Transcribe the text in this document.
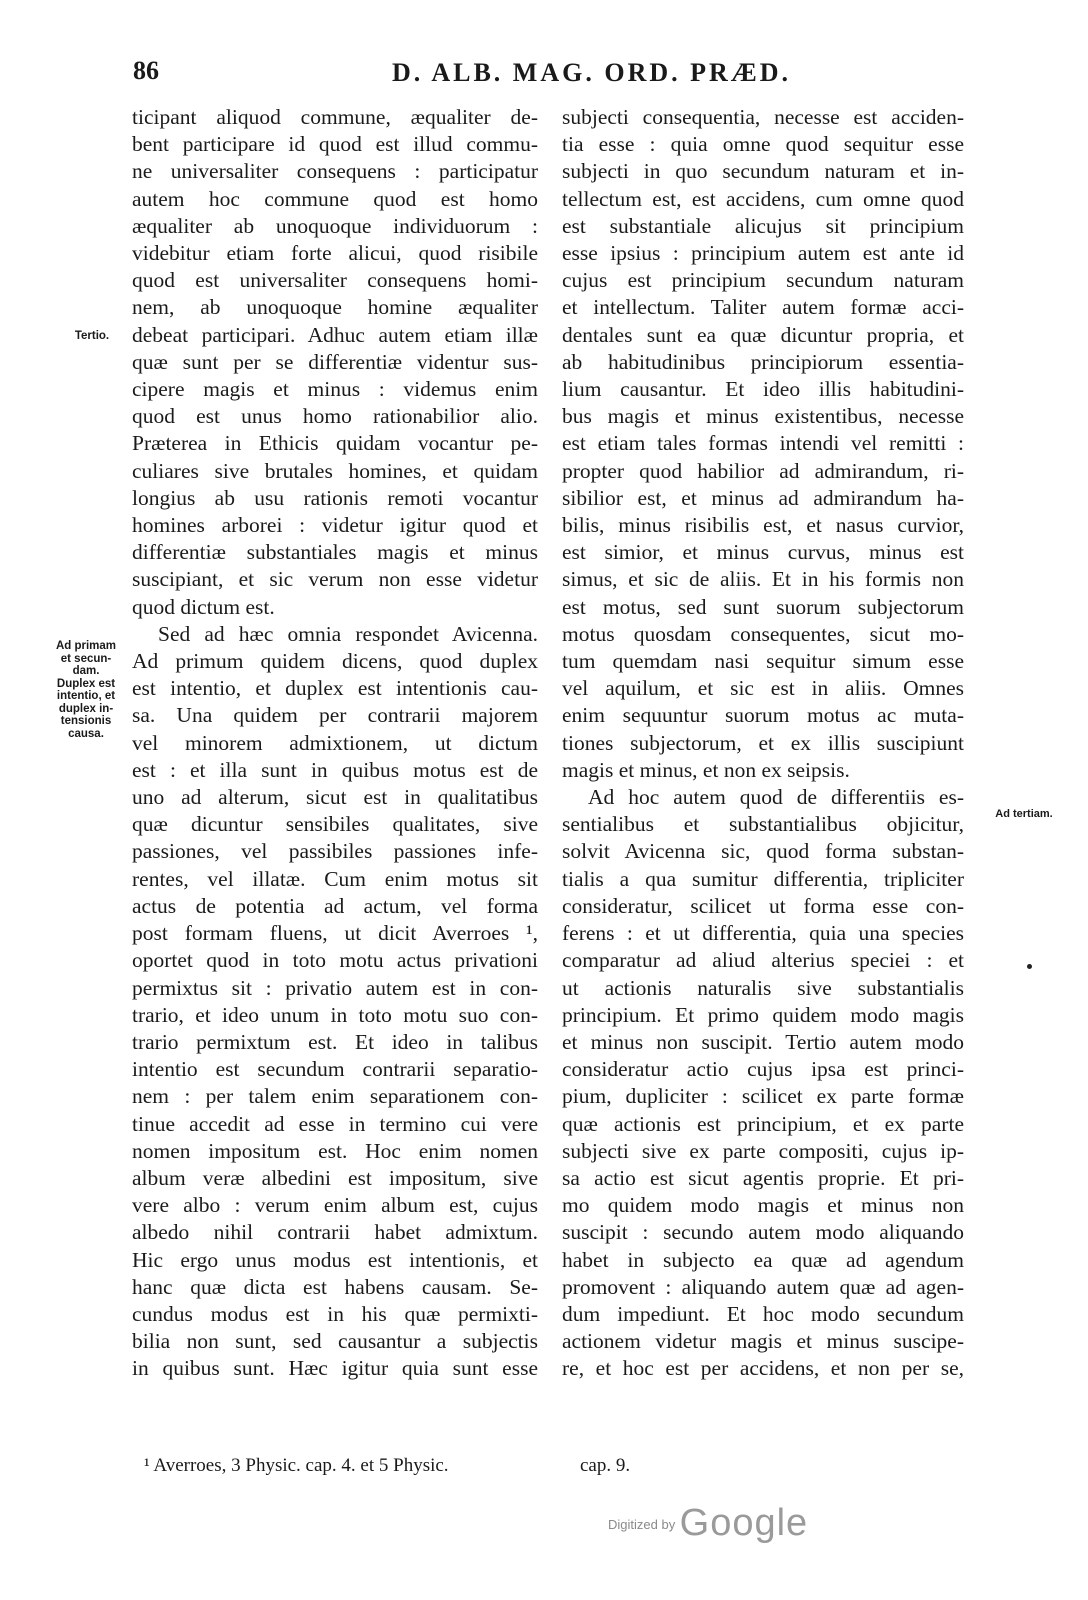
86	D. ALB. MAG. ORD. PRÆD.
Tertio.
Ad primam
et secun-
dam.
Duplex est
intentio, et
duplex in-
tensionis
causa.
Ad tertiam.
ticipant aliquod commune, æqualiter de-
bent participare id quod est illud commu-
ne universaliter consequens : participatur
autem hoc commune quod est homo
æqualiter ab unoquoque individuorum :
videbitur etiam forte alicui, quod risibile
quod est universaliter consequens homi-
nem, ab unoquoque homine æqualiter
debeat participari. Adhuc autem etiam illæ
quæ sunt per se differentiæ videntur sus-
cipere magis et minus : videmus enim
quod est unus homo rationabilior alio.
Præterea in Ethicis quidam vocantur pe-
culiares sive brutales homines, et quidam
longius ab usu rationis remoti vocantur
homines arborei : videtur igitur quod et
differentiæ substantiales magis et minus
suscipiant, et sic verum non esse videtur
quod dictum est.
Sed ad hæc omnia respondet Avicenna.
Ad primum quidem dicens, quod duplex
est intentio, et duplex est intentionis cau-
sa. Una quidem per contrarii majorem
vel minorem admixtionem, ut dictum
est : et illa sunt in quibus motus est de
uno ad alterum, sicut est in qualitatibus
quæ dicuntur sensibiles qualitates, sive
passiones, vel passibiles passiones infe-
rentes, vel illatæ. Cum enim motus sit
actus de potentia ad actum, vel forma
post formam fluens, ut dicit Averroes ¹,
oportet quod in toto motu actus privationi
permixtus sit : privatio autem est in con-
trario, et ideo unum in toto motu suo con-
trario permixtum est. Et ideo in talibus
intentio est secundum contrarii separatio-
nem : per talem enim separationem con-
tinue accedit ad esse in termino cui vere
nomen impositum est. Hoc enim nomen
album veræ albedini est impositum, sive
vere albo : verum enim album est, cujus
albedo nihil contrarii habet admixtum.
Hic ergo unus modus est intentionis, et
hanc quæ dicta est habens causam. Se-
cundus modus est in his quæ permixti-
bilia non sunt, sed causantur a subjectis
in quibus sunt. Hæc igitur quia sunt esse
subjecti consequentia, necesse est acciden-
tia esse : quia omne quod sequitur esse
subjecti in quo secundum naturam et in-
tellectum est, est accidens, cum omne quod
est substantiale alicujus sit principium
esse ipsius : principium autem est ante id
cujus est principium secundum naturam
et intellectum. Taliter autem formæ acci-
dentales sunt ea quæ dicuntur propria, et
ab habitudinibus principiorum essentia-
lium causantur. Et ideo illis habitudini-
bus magis et minus existentibus, necesse
est etiam tales formas intendi vel remitti :
propter quod habilior ad admirandum, ri-
sibilior est, et minus ad admirandum ha-
bilis, minus risibilis est, et nasus curvior,
est simior, et minus curvus, minus est
simus, et sic de aliis. Et in his formis non
est motus, sed sunt suorum subjectorum
motus quosdam consequentes, sicut mo-
tum quemdam nasi sequitur simum esse
vel aquilum, et sic est in aliis. Omnes
enim sequuntur suorum motus ac muta-
tiones subjectorum, et ex illis suscipiunt
magis et minus, et non ex seipsis.
Ad hoc autem quod de differentiis es-
sentialibus et substantialibus objicitur,
solvit Avicenna sic, quod forma substan-
tialis a qua sumitur differentia, tripliciter
consideratur, scilicet ut forma esse con-
ferens : et ut differentia, quia una species
comparatur ad aliud alterius speciei : et
ut actionis naturalis sive substantialis
principium. Et primo quidem modo magis
et minus non suscipit. Tertio autem modo
consideratur actio cujus ipsa est princi-
pium, dupliciter : scilicet ex parte formæ
quæ actionis est principium, et ex parte
subjecti sive ex parte compositi, cujus ip-
sa actio est sicut agentis proprie. Et pri-
mo quidem modo magis et minus non
suscipit : secundo autem modo aliquando
habet in subjecto ea quæ ad agendum
promovent : aliquando autem quæ ad agen-
dum impediunt. Et hoc modo secundum
actionem videtur magis et minus suscipe-
re, et hoc est per accidens, et non per se,
¹ Averroes, 3 Physic. cap. 4. et 5 Physic.	cap. 9.
$^{Digitized by}$ Google
